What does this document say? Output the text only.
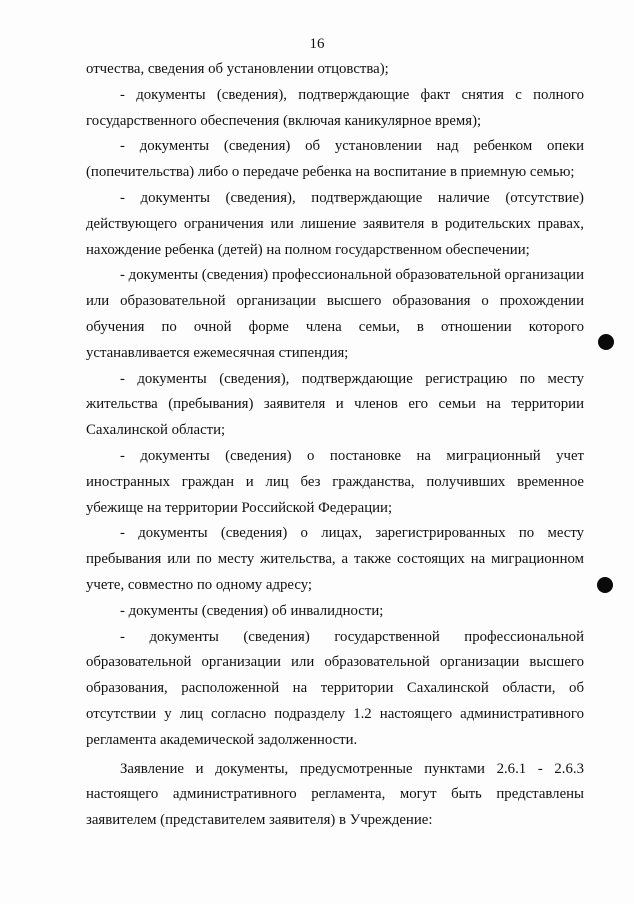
16

отчества, сведения об установлении отцовства);

- документы (сведения), подтверждающие факт снятия с полного государственного обеспечения (включая каникулярное время);

- документы (сведения) об установлении над ребенком опеки (попечительства) либо о передаче ребенка на воспитание в приемную семью;

- документы (сведения), подтверждающие наличие (отсутствие) действующего ограничения или лишение заявителя в родительских правах, нахождение ребенка (детей) на полном государственном обеспечении;

- документы (сведения) профессиональной образовательной организации или образовательной организации высшего образования о прохождении обучения по очной форме члена семьи, в отношении которого устанавливается ежемесячная стипендия;

- документы (сведения), подтверждающие регистрацию по месту жительства (пребывания) заявителя и членов его семьи на территории Сахалинской области;

- документы (сведения) о постановке на миграционный учет иностранных граждан и лиц без гражданства, получивших временное убежище на территории Российской Федерации;

- документы (сведения) о лицах, зарегистрированных по месту пребывания или по месту жительства, а также состоящих на миграционном учете, совместно по одному адресу;

- документы (сведения) об инвалидности;

- документы (сведения) государственной профессиональной образовательной организации или образовательной организации высшего образования, расположенной на территории Сахалинской области, об отсутствии у лиц согласно подразделу 1.2 настоящего административного регламента академической задолженности.

Заявление и документы, предусмотренные пунктами 2.6.1 - 2.6.3 настоящего административного регламента, могут быть представлены заявителем (представителем заявителя) в Учреждение:
